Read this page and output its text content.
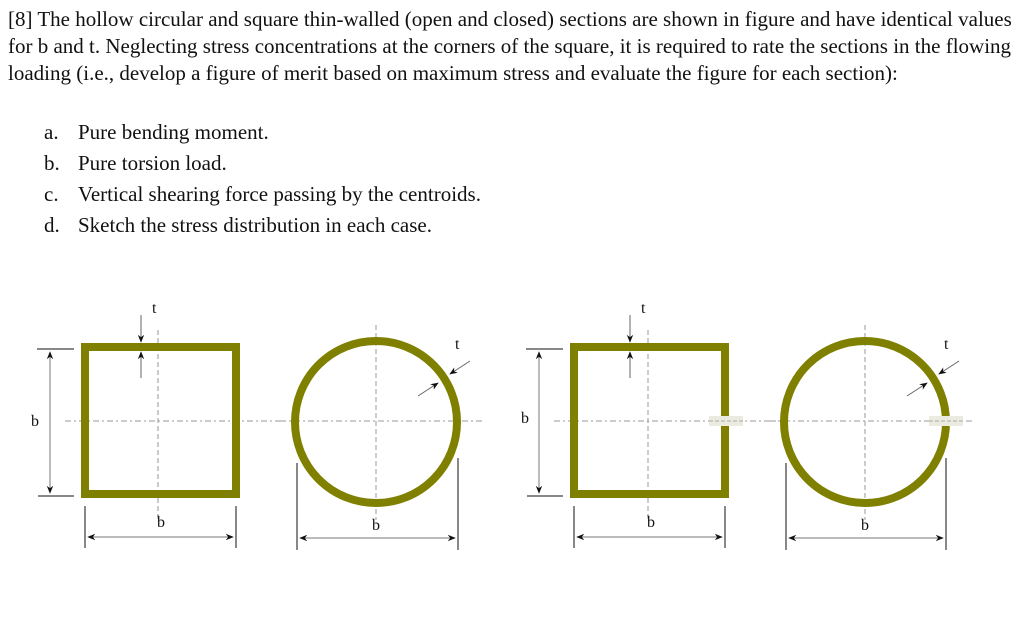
[8] The hollow circular and square thin-walled (open and closed) sections are shown in figure and have identical values for b and t. Neglecting stress concentrations at the corners of the square, it is required to rate the sections in the flowing loading (i.e., develop a figure of merit based on maximum stress and evaluate the figure for each section):

a. Pure bending moment.
b. Pure torsion load.
c. Vertical shearing force passing by the centroids.
d. Sketch the stress distribution in each case.
t
b
b
t
b
t
b
b
t
b
